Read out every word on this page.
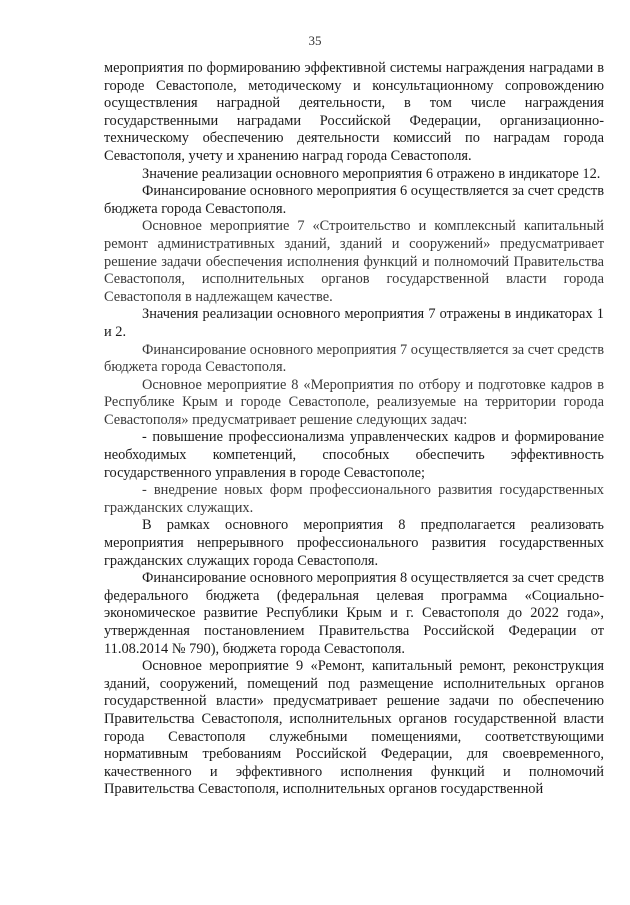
35

мероприятия по формированию эффективной системы награждения наградами в городе Севастополе, методическому и консультационному сопровождению осуществления наградной деятельности, в том числе награждения государственными наградами Российской Федерации, организационно-техническому обеспечению деятельности комиссий по наградам города Севастополя, учету и хранению наград города Севастополя.

Значение реализации основного мероприятия 6 отражено в индикаторе 12.

Финансирование основного мероприятия 6 осуществляется за счет средств бюджета города Севастополя.

Основное мероприятие 7 «Строительство и комплексный капитальный ремонт административных зданий, зданий и сооружений» предусматривает решение задачи обеспечения исполнения функций и полномочий Правительства Севастополя, исполнительных органов государственной власти города Севастополя в надлежащем качестве.

Значения реализации основного мероприятия 7 отражены в индикаторах 1 и 2.

Финансирование основного мероприятия 7 осуществляется за счет средств бюджета города Севастополя.

Основное мероприятие 8 «Мероприятия по отбору и подготовке кадров в Республике Крым и городе Севастополе, реализуемые на территории города Севастополя» предусматривает решение следующих задач:

- повышение профессионализма управленческих кадров и формирование необходимых компетенций, способных обеспечить эффективность государственного управления в городе Севастополе;

- внедрение новых форм профессионального развития государственных гражданских служащих.

В рамках основного мероприятия 8 предполагается реализовать мероприятия непрерывного профессионального развития государственных гражданских служащих города Севастополя.

Финансирование основного мероприятия 8 осуществляется за счет средств федерального бюджета (федеральная целевая программа «Социально-экономическое развитие Республики Крым и г. Севастополя до 2022 года», утвержденная постановлением Правительства Российской Федерации от 11.08.2014 № 790), бюджета города Севастополя.

Основное мероприятие 9 «Ремонт, капитальный ремонт, реконструкция зданий, сооружений, помещений под размещение исполнительных органов государственной власти» предусматривает решение задачи по обеспечению Правительства Севастополя, исполнительных органов государственной власти города Севастополя служебными помещениями, соответствующими нормативным требованиям Российской Федерации, для своевременного, качественного и эффективного исполнения функций и полномочий Правительства Севастополя, исполнительных органов государственной
